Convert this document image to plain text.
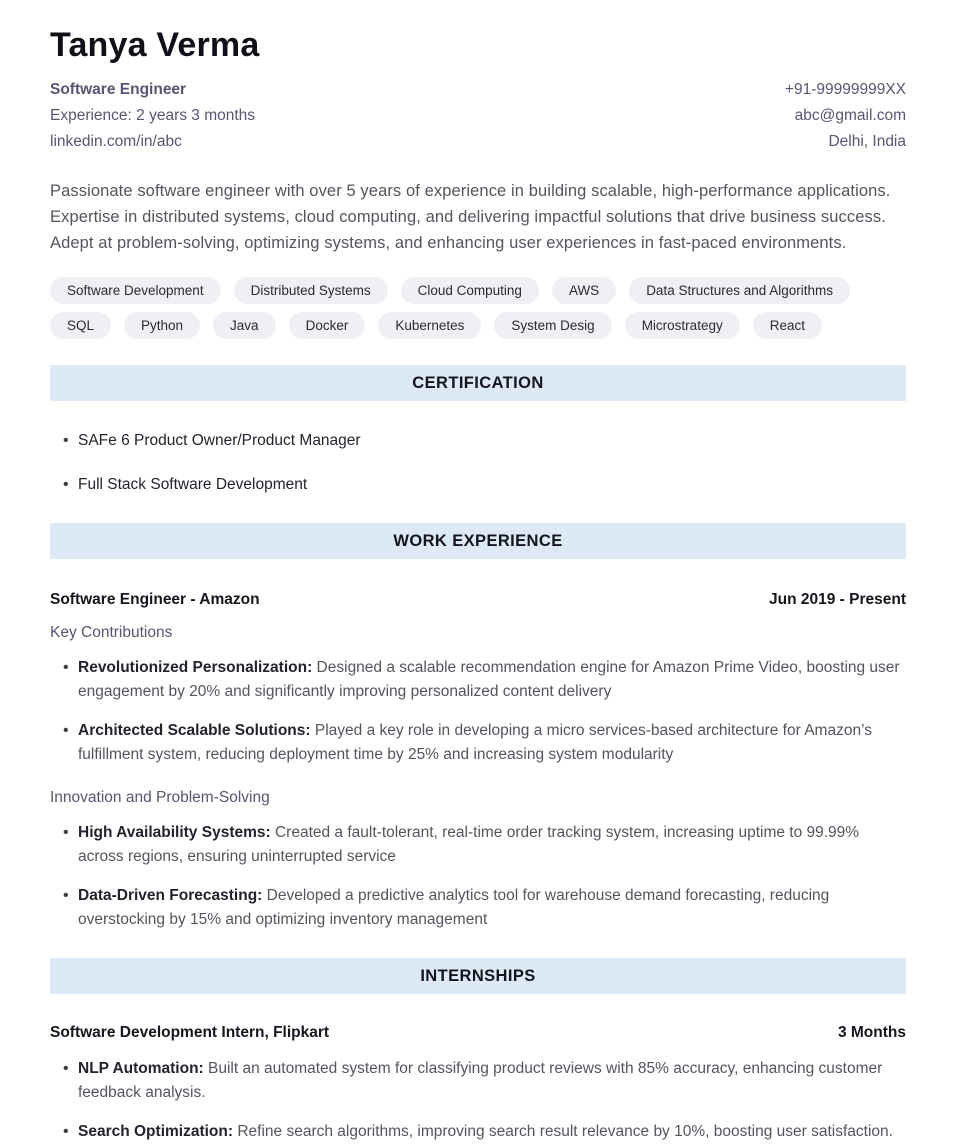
Tanya Verma
Software Engineer
Experience: 2 years 3 months
linkedin.com/in/abc
+91-99999999XX
abc@gmail.com
Delhi, India

Passionate software engineer with over 5 years of experience in building scalable, high-performance applications. Expertise in distributed systems, cloud computing, and delivering impactful solutions that drive business success. Adept at problem-solving, optimizing systems, and enhancing user experiences in fast-paced environments.

Software Development	Distributed Systems	Cloud Computing	AWS	Data Structures and Algorithms
SQL	Python	Java	Docker	Kubernetes	System Desig	Microstrategy	React
CERTIFICATION
• SAFe 6 Product Owner/Product Manager
• Full Stack Software Development
WORK EXPERIENCE
Software Engineer - Amazon	Jun 2019 - Present
Key Contributions
• Revolutionized Personalization: Designed a scalable recommendation engine for Amazon Prime Video, boosting user engagement by 20% and significantly improving personalized content delivery
• Architected Scalable Solutions: Played a key role in developing a micro services-based architecture for Amazon’s fulfillment system, reducing deployment time by 25% and increasing system modularity
Innovation and Problem-Solving
• High Availability Systems: Created a fault-tolerant, real-time order tracking system, increasing uptime to 99.99% across regions, ensuring uninterrupted service
• Data-Driven Forecasting: Developed a predictive analytics tool for warehouse demand forecasting, reducing overstocking by 15% and optimizing inventory management
INTERNSHIPS
Software Development Intern, Flipkart	3 Months
• NLP Automation: Built an automated system for classifying product reviews with 85% accuracy, enhancing customer feedback analysis.
• Search Optimization: Refine search algorithms, improving search result relevance by 10%, boosting user satisfaction.
